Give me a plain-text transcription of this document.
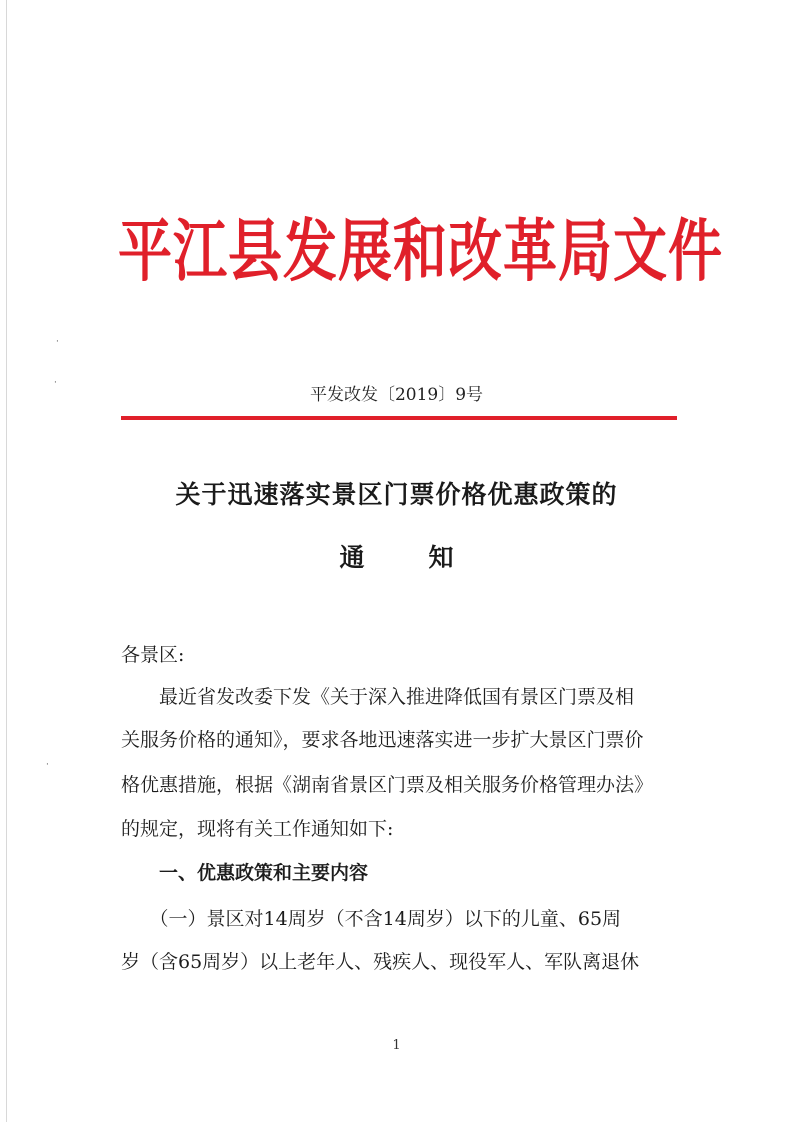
·
·
·
平江县发展和改革局文件
平发改发〔2019〕9号
关于迅速落实景区门票价格优惠政策的
通	知
各景区:
　　最近省发改委下发《关于深入推进降低国有景区门票及相
关服务价格的通知》，要求各地迅速落实进一步扩大景区门票价
格优惠措施，根据《湖南省景区门票及相关服务价格管理办法》
的规定，现将有关工作通知如下:
　　一、优惠政策和主要内容
　　（一）景区对14周岁（不含14周岁）以下的儿童、65周
岁（含65周岁）以上老年人、残疾人、现役军人、军队离退休
1
